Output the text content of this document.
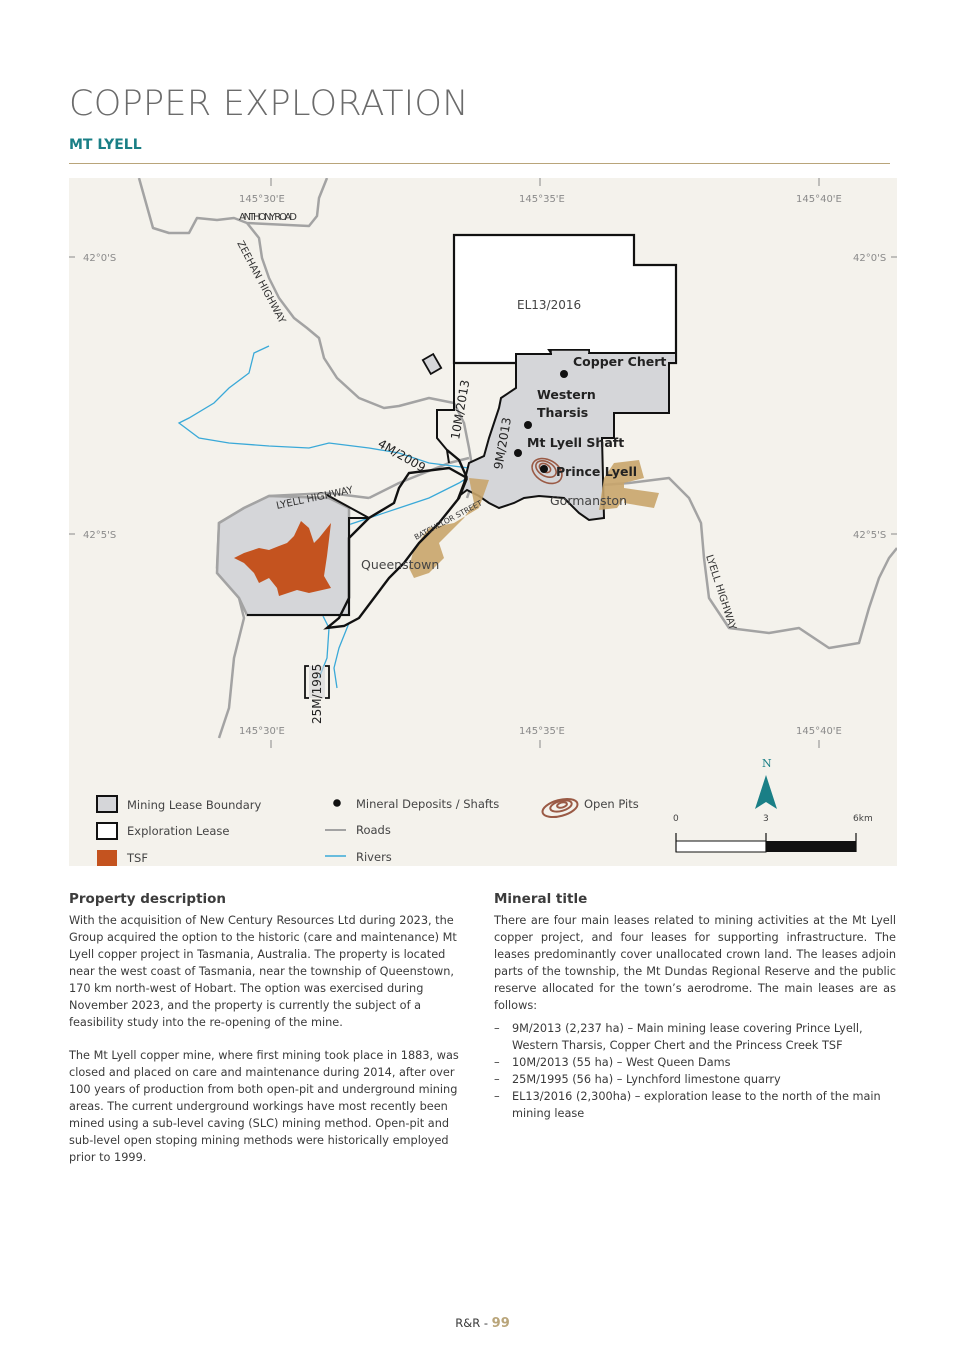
COPPER EXPLORATION
MT LYELL
145°30'E	145°35'E	145°40'E
145°30'E	145°35'E	145°40'E
42°0'S	42°0'S
42°5'S	42°5'S
EL13/2016
10M/2013
9M/2013
4M/2009
25M/1995
Copper Chert
Western
Tharsis
Mt Lyell Shaft
Prince Lyell
Gormanston
Queenstown
ANTHONY ROAD
ZEEHAN HIGHWAY
LYELL HIGHWAY
LYELL HIGHWAY
BATCHELOR STREET
Mining Lease Boundary
Exploration Lease
TSF
Mineral Deposits / Shafts
Roads
Rivers
Open Pits
N
0	3	6km
Property description
With the acquisition of New Century Resources Ltd during 2023, the Group acquired the option to the historic (care and maintenance) Mt Lyell copper project in Tasmania, Australia. The property is located near the west coast of Tasmania, near the township of Queenstown, 170 km north-west of Hobart. The option was exercised during November 2023, and the property is currently the subject of a feasibility study into the re-opening of the mine.
The Mt Lyell copper mine, where first mining took place in 1883, was closed and placed on care and maintenance during 2014, after over 100 years of production from both open-pit and underground mining areas. The current underground workings have most recently been mined using a sub-level caving (SLC) mining method. Open-pit and sub-level open stoping mining methods were historically employed prior to 1999.
Mineral title
There are four main leases related to mining activities at the Mt Lyell copper project, and four leases for supporting infrastructure. The leases predominantly cover unallocated crown land. The leases adjoin parts of the township, the Mt Dundas Regional Reserve and the public reserve allocated for the town’s aerodrome. The main leases are as follows:
– 9M/2013 (2,237 ha) – Main mining lease covering Prince Lyell, Western Tharsis, Copper Chert and the Princess Creek TSF
– 10M/2013 (55 ha) – West Queen Dams
– 25M/1995 (56 ha) – Lynchford limestone quarry
– EL13/2016 (2,300ha) – exploration lease to the north of the main mining lease
R&R - 99
